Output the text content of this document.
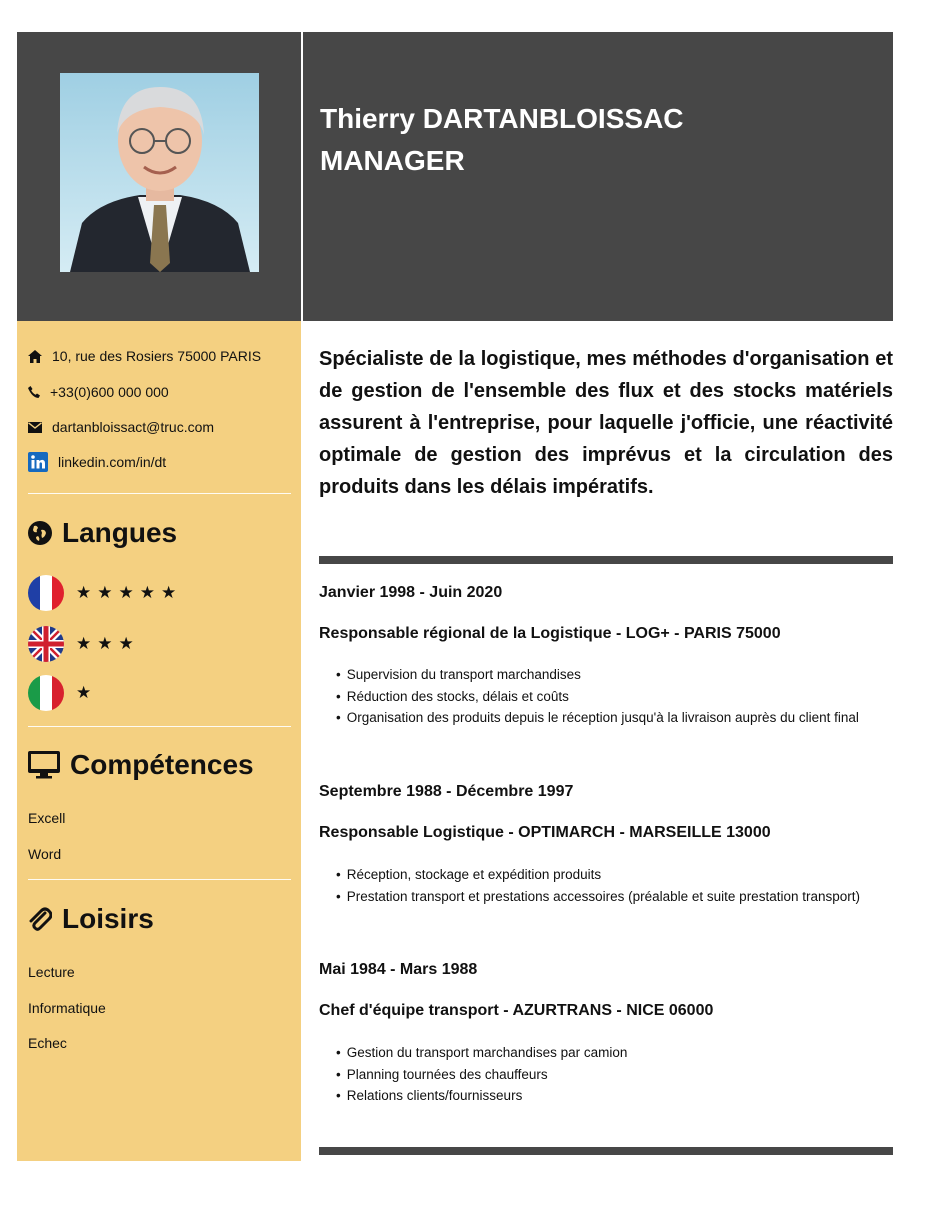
Thierry DARTANBLOISSAC
MANAGER
10, rue des Rosiers 75000 PARIS
+33(0)600 000 000
dartanbloissact@truc.com
linkedin.com/in/dt
Langues
★★★★★
★★★
★
Compétences
Excell
Word
Loisirs
Lecture
Informatique
Echec
Spécialiste de la logistique, mes méthodes d'organisation et de gestion de l'ensemble des flux et des stocks matériels assurent à l'entreprise, pour laquelle j'officie, une réactivité optimale de gestion des imprévus et la circulation des produits dans les délais impératifs.
Janvier 1998 - Juin 2020
Responsable régional de la Logistique - LOG+ - PARIS 75000
• Supervision du transport marchandises
• Réduction des stocks, délais et coûts
• Organisation des produits depuis le réception jusqu'à la livraison auprès du client final
Septembre 1988 - Décembre 1997
Responsable Logistique - OPTIMARCH - MARSEILLE 13000
• Réception, stockage et expédition produits
• Prestation transport et prestations accessoires (préalable et suite prestation transport)
Mai 1984 - Mars 1988
Chef d'équipe transport - AZURTRANS - NICE 06000
• Gestion du transport marchandises par camion
• Planning tournées des chauffeurs
• Relations clients/fournisseurs
